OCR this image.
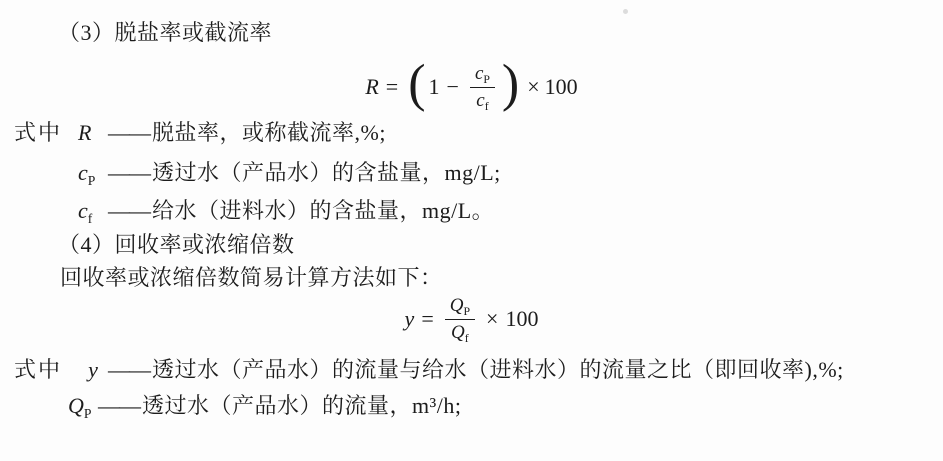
（3）脱盐率或截流率
R = ( $1 - \frac{c_P}{c_f}$ ) × 100
式中 R —— 脱盐率，或称截流率,%;
$c_P$ —— 透过水（产品水）的含盐量，mg/L;
$c_f$ —— 给水（进料水）的含盐量，mg/L。
（4）回收率或浓缩倍数
回收率或浓缩倍数简易计算方法如下：
$y = \frac{Q_P}{Q_f} \times 100$
式中	y —— 透过水（产品水）的流量与给水（进料水）的流量之比（即回收率),%;
$Q_P$ —— 透过水（产品水）的流量，m³/h;
